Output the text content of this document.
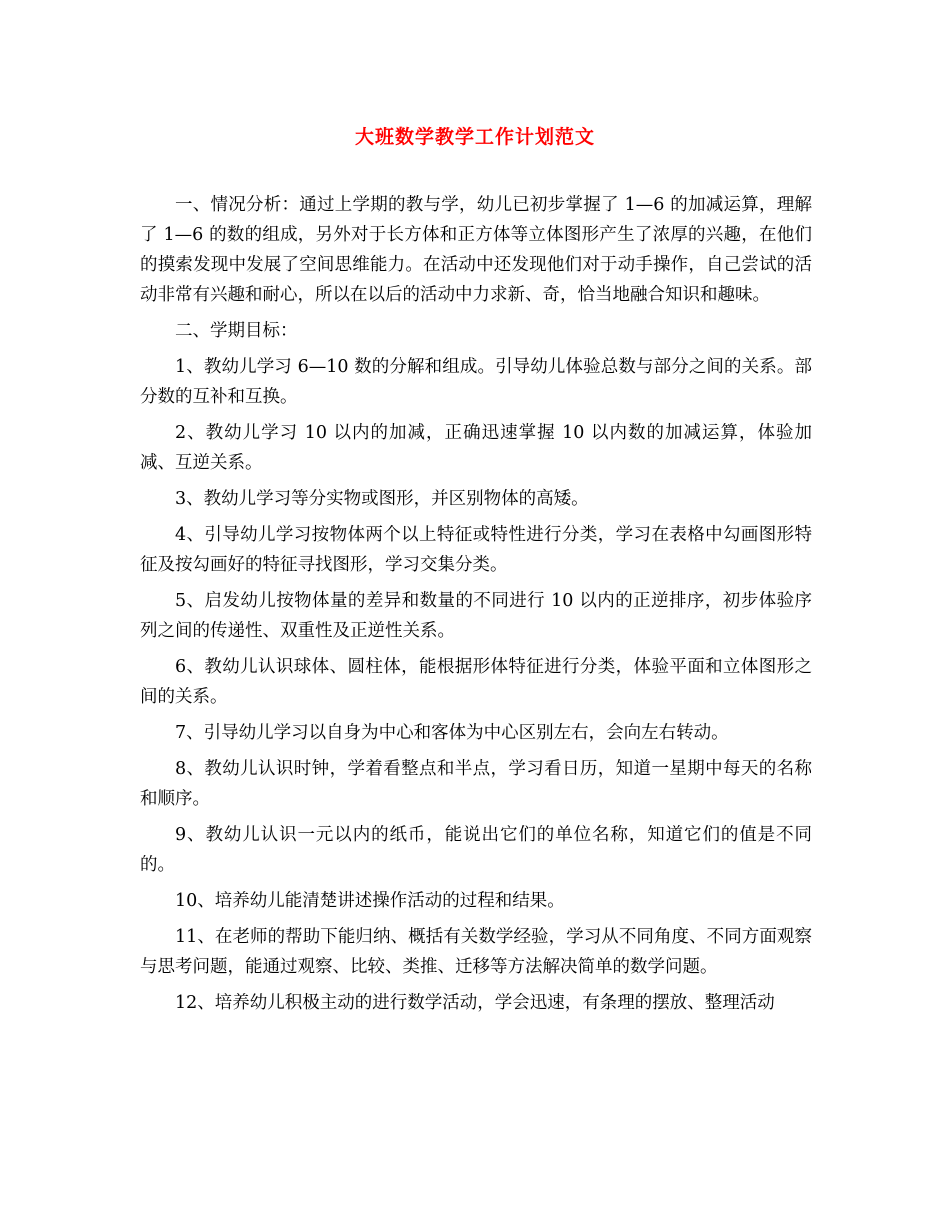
大班数学教学工作计划范文

一、情况分析：通过上学期的教与学，幼儿已初步掌握了 1—6 的加减运算，理解了 1—6 的数的组成，另外对于长方体和正方体等立体图形产生了浓厚的兴趣，在他们的摸索发现中发展了空间思维能力。在活动中还发现他们对于动手操作，自己尝试的活动非常有兴趣和耐心，所以在以后的活动中力求新、奇，恰当地融合知识和趣味。

二、学期目标：

1、教幼儿学习 6—10 数的分解和组成。引导幼儿体验总数与部分之间的关系。部分数的互补和互换。

2、教幼儿学习 10 以内的加减，正确迅速掌握 10 以内数的加减运算，体验加减、互逆关系。

3、教幼儿学习等分实物或图形，并区别物体的高矮。

4、引导幼儿学习按物体两个以上特征或特性进行分类，学习在表格中勾画图形特征及按勾画好的特征寻找图形，学习交集分类。

5、启发幼儿按物体量的差异和数量的不同进行 10 以内的正逆排序，初步体验序列之间的传递性、双重性及正逆性关系。

6、教幼儿认识球体、圆柱体，能根据形体特征进行分类，体验平面和立体图形之间的关系。

7、引导幼儿学习以自身为中心和客体为中心区别左右，会向左右转动。

8、教幼儿认识时钟，学着看整点和半点，学习看日历，知道一星期中每天的名称和顺序。

9、教幼儿认识一元以内的纸币，能说出它们的单位名称，知道它们的值是不同的。

10、培养幼儿能清楚讲述操作活动的过程和结果。

11、在老师的帮助下能归纳、概括有关数学经验，学习从不同角度、不同方面观察与思考问题，能通过观察、比较、类推、迁移等方法解决简单的数学问题。

12、培养幼儿积极主动的进行数学活动，学会迅速，有条理的摆放、整理活动
